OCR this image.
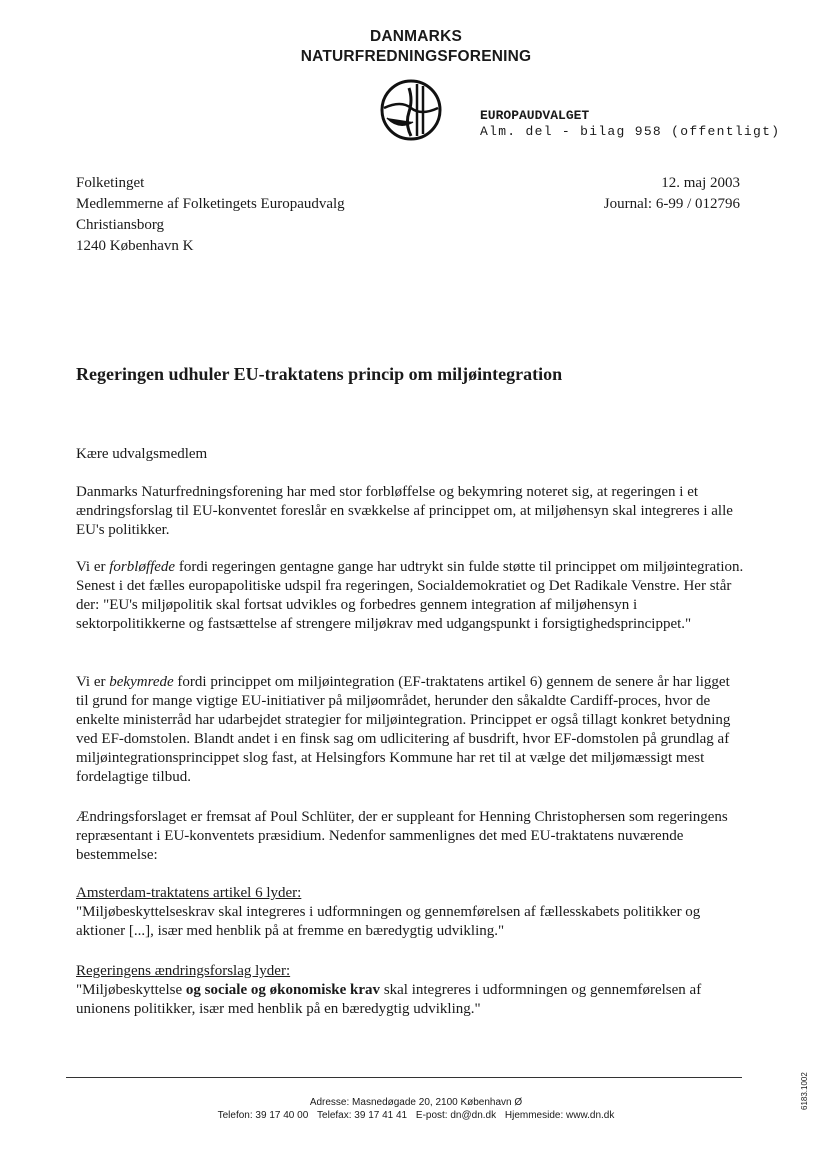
DANMARKS
NATURFREDNINGSFORENING
EUROPAUDVALGET
Alm. del - bilag 958 (offentligt)
Folketinget
Medlemmerne af Folketingets Europaudvalg
Christiansborg
1240 København K
12. maj 2003
Journal: 6-99 / 012796
Regeringen udhuler EU-traktatens princip om miljøintegration
Kære udvalgsmedlem

Danmarks Naturfredningsforening har med stor forbløffelse og bekymring noteret sig, at regeringen i et ændringsforslag til EU-konventet foreslår en svækkelse af princippet om, at miljøhensyn skal integreres i alle EU's politikker.

Vi er forbløffede fordi regeringen gentagne gange har udtrykt sin fulde støtte til princippet om miljøintegration. Senest i det fælles europapolitiske udspil fra regeringen, Socialdemokratiet og Det Radikale Venstre. Her står der: "EU's miljøpolitik skal fortsat udvikles og forbedres gennem integration af miljøhensyn i sektorpolitikkerne og fastsættelse af strengere miljøkrav med udgangspunkt i forsigtighedsprincippet."

Vi er bekymrede fordi princippet om miljøintegration (EF-traktatens artikel 6) gennem de senere år har ligget til grund for mange vigtige EU-initiativer på miljøområdet, herunder den såkaldte Cardiff-proces, hvor de enkelte ministerråd har udarbejdet strategier for miljøintegration. Princippet er også tillagt konkret betydning ved EF-domstolen. Blandt andet i en finsk sag om udlicitering af busdrift, hvor EF-domstolen på grundlag af miljøintegrationsprincippet slog fast, at Helsingfors Kommune har ret til at vælge det miljømæssigt mest fordelagtige tilbud.

Ændringsforslaget er fremsat af Poul Schlüter, der er suppleant for Henning Christophersen som regeringens repræsentant i EU-konventets præsidium. Nedenfor sammenlignes det med EU-traktatens nuværende bestemmelse:

Amsterdam-traktatens artikel 6 lyder:

"Miljøbeskyttelseskrav skal integreres i udformningen og gennemførelsen af fællesskabets politikker og aktioner [...], især med henblik på at fremme en bæredygtig udvikling."

Regeringens ændringsforslag lyder:

"Miljøbeskyttelse og sociale og økonomiske krav skal integreres i udformningen og gennemførelsen af unionens politikker, især med henblik på en bæredygtig udvikling."

Adresse: Masnedøgade 20, 2100 København Ø
Telefon: 39 17 40 00 Telefax: 39 17 41 41 E-post: dn@dn.dk Hjemmeside: www.dn.dk
6183.1002
